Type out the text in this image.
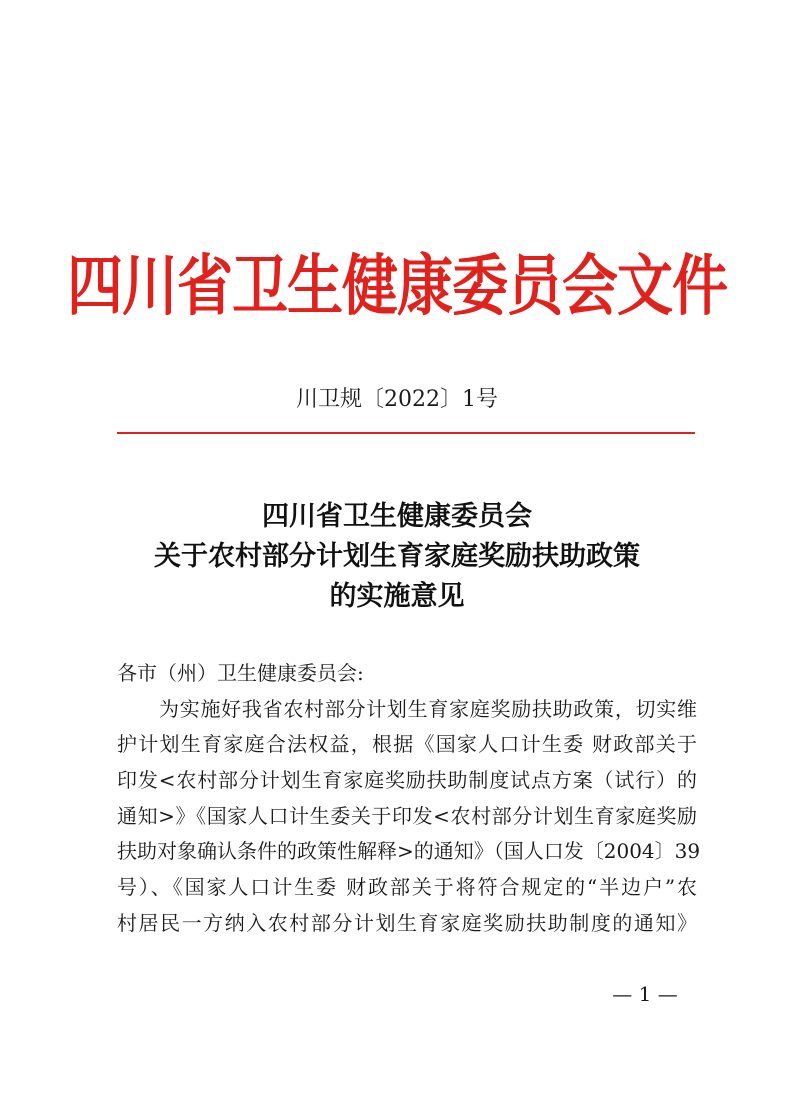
四川省卫生健康委员会文件
川卫规〔2022〕1号
四川省卫生健康委员会
关于农村部分计划生育家庭奖励扶助政策
的实施意见
各市（州）卫生健康委员会:
为实施好我省农村部分计划生育家庭奖励扶助政策，切实维
护计划生育家庭合法权益，根据《国家人口计生委 财政部关于
印发<农村部分计划生育家庭奖励扶助制度试点方案（试行）的
通知>》《国家人口计生委关于印发<农村部分计划生育家庭奖励
扶助对象确认条件的政策性解释>的通知》（国人口发〔2004〕39
号）、《国家人口计生委 财政部关于将符合规定的“半边户”农
村居民一方纳入农村部分计划生育家庭奖励扶助制度的通知》
— 1 —
